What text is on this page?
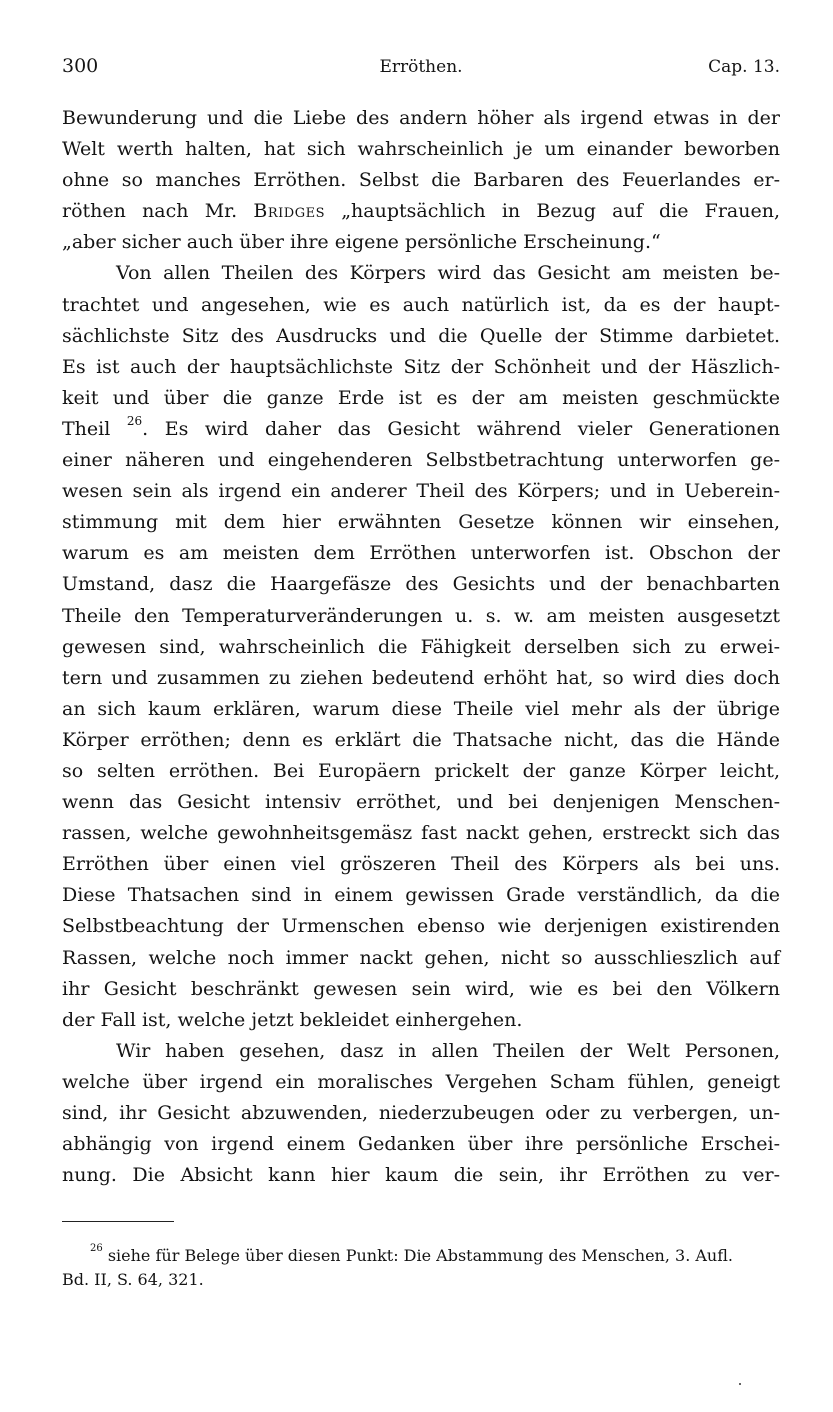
300	Erröthen.	Cap. 13.

Bewunderung und die Liebe des andern höher als irgend etwas in der
Welt werth halten, hat sich wahrscheinlich je um einander beworben
ohne so manches Erröthen. Selbst die Barbaren des Feuerlandes er-
röthen nach Mr. Bridges „hauptsächlich in Bezug auf die Frauen,
„aber sicher auch über ihre eigene persönliche Erscheinung.“

Von allen Theilen des Körpers wird das Gesicht am meisten be-
trachtet und angesehen, wie es auch natürlich ist, da es der haupt-
sächlichste Sitz des Ausdrucks und die Quelle der Stimme darbietet.
Es ist auch der hauptsächlichste Sitz der Schönheit und der Häszlich-
keit und über die ganze Erde ist es der am meisten geschmückte
Theil $^{26}$. Es wird daher das Gesicht während vieler Generationen
einer näheren und eingehenderen Selbstbetrachtung unterworfen ge-
wesen sein als irgend ein anderer Theil des Körpers; und in Ueberein-
stimmung mit dem hier erwähnten Gesetze können wir einsehen,
warum es am meisten dem Erröthen unterworfen ist. Obschon der
Umstand, dasz die Haargefäsze des Gesichts und der benachbarten
Theile den Temperaturveränderungen u. s. w. am meisten ausgesetzt
gewesen sind, wahrscheinlich die Fähigkeit derselben sich zu erwei-
tern und zusammen zu ziehen bedeutend erhöht hat, so wird dies doch
an sich kaum erklären, warum diese Theile viel mehr als der übrige
Körper erröthen; denn es erklärt die Thatsache nicht, das die Hände
so selten erröthen. Bei Europäern prickelt der ganze Körper leicht,
wenn das Gesicht intensiv erröthet, und bei denjenigen Menschen-
rassen, welche gewohnheitsgemäsz fast nackt gehen, erstreckt sich das
Erröthen über einen viel gröszeren Theil des Körpers als bei uns.
Diese Thatsachen sind in einem gewissen Grade verständlich, da die
Selbstbeachtung der Urmenschen ebenso wie derjenigen existirenden
Rassen, welche noch immer nackt gehen, nicht so ausschlieszlich auf
ihr Gesicht beschränkt gewesen sein wird, wie es bei den Völkern
der Fall ist, welche jetzt bekleidet einhergehen.

Wir haben gesehen, dasz in allen Theilen der Welt Personen,
welche über irgend ein moralisches Vergehen Scham fühlen, geneigt
sind, ihr Gesicht abzuwenden, niederzubeugen oder zu verbergen, un-
abhängig von irgend einem Gedanken über ihre persönliche Erschei-
nung. Die Absicht kann hier kaum die sein, ihr Erröthen zu ver-

$^{26}$ siehe für Belege über diesen Punkt: Die Abstammung des Menschen, 3. Aufl.
Bd. II, S. 64, 321.
